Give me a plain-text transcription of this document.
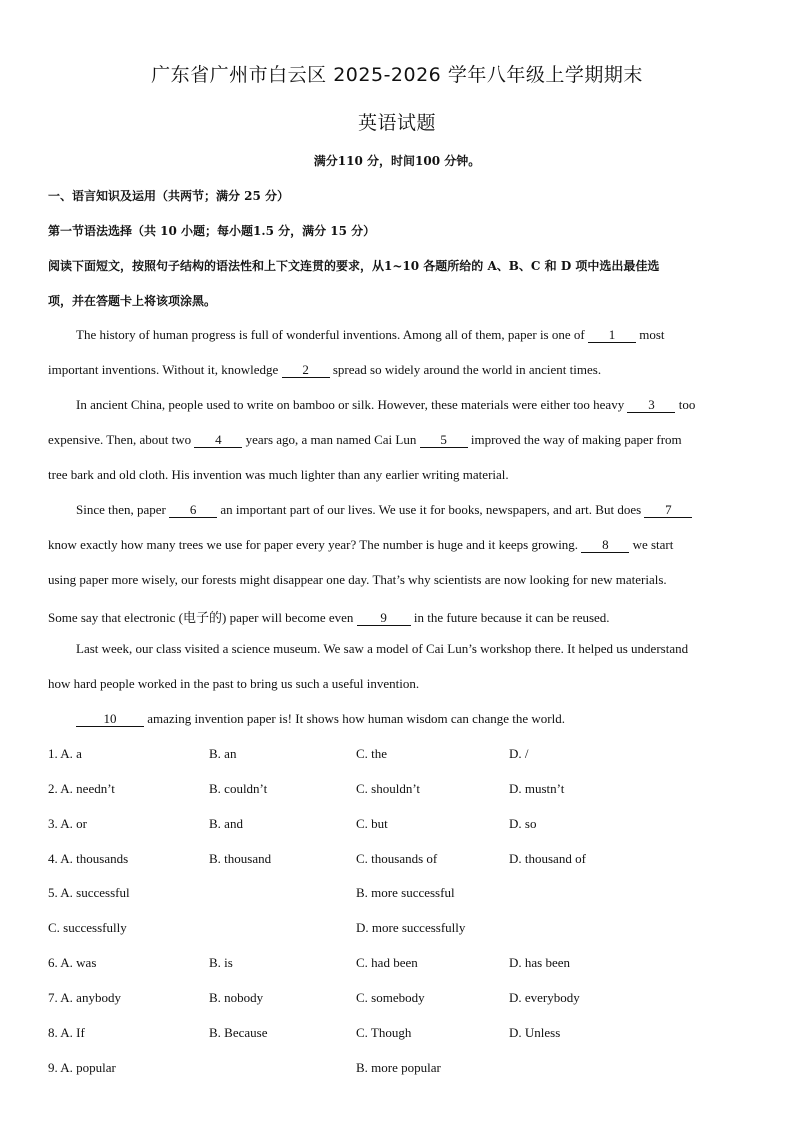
广东省广州市白云区 2025-2026 学年八年级上学期期末
英语试题
满分110 分，时间100 分钟。
一、语言知识及运用（共两节；满分 25 分）
第一节语法选择（共 10 小题；每小题1.5 分，满分 15 分）
阅读下面短文，按照句子结构的语法性和上下文连贯的要求，从1~10 各题所给的 A、B、C 和 D 项中选出最佳选
项，并在答题卡上将该项涂黑。
The history of human progress is full of wonderful inventions. Among all of them, paper is one of 1 most
important inventions. Without it, knowledge 2 spread so widely around the world in ancient times.
In ancient China, people used to write on bamboo or silk. However, these materials were either too heavy 3 too
expensive. Then, about two 4 years ago, a man named Cai Lun 5 improved the way of making paper from
tree bark and old cloth. His invention was much lighter than any earlier writing material.
Since then, paper 6 an important part of our lives. We use it for books, newspapers, and art. But does 7
know exactly how many trees we use for paper every year? The number is huge and it keeps growing. 8 we start
using paper more wisely, our forests might disappear one day. That’s why scientists are now looking for new materials.
Some say that electronic (电子的) paper will become even 9 in the future because it can be reused.
Last week, our class visited a science museum. We saw a model of Cai Lun’s workshop there. It helped us understand
how hard people worked in the past to bring us such a useful invention.
10 amazing invention paper is! It shows how human wisdom can change the world.
1. A. a	B. an	C. the	D. /
2. A. needn’t	B. couldn’t	C. shouldn’t	D. mustn’t
3. A. or	B. and	C. but	D. so
4. A. thousands	B. thousand	C. thousands of	D. thousand of
5. A. successful	B. more successful
C. successfully	D. more successfully
6. A. was	B. is	C. had been	D. has been
7. A. anybody	B. nobody	C. somebody	D. everybody
8. A. If	B. Because	C. Though	D. Unless
9. A. popular	B. more popular
